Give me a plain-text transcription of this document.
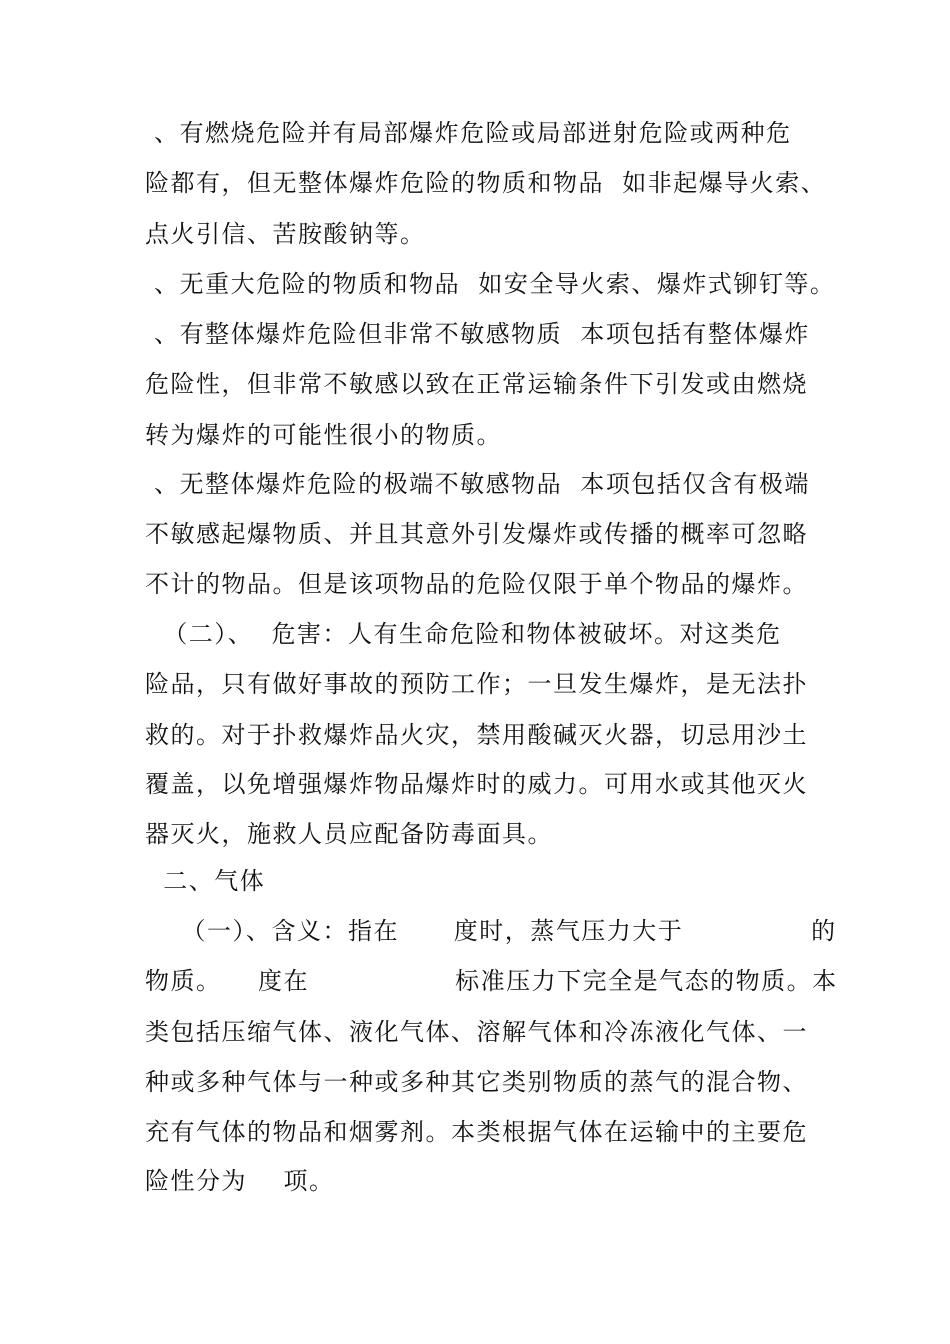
、有燃烧危险并有局部爆炸危险或局部迸射危险或两种危
险都有，但无整体爆炸危险的物质和物品  如非起爆导火索、
点火引信、苦胺酸钠等。
、无重大危险的物质和物品  如安全导火索、爆炸式铆钉等。
、有整体爆炸危险但非常不敏感物质  本项包括有整体爆炸
危险性，但非常不敏感以致在正常运输条件下引发或由燃烧
转为爆炸的可能性很小的物质。
、无整体爆炸危险的极端不敏感物品  本项包括仅含有极端
不敏感起爆物质、并且其意外引发爆炸或传播的概率可忽略
不计的物品。但是该项物品的危险仅限于单个物品的爆炸。
（二）、  危害：人有生命危险和物体被破坏。对这类危
险品，只有做好事故的预防工作；一旦发生爆炸，是无法扑
救的。对于扑救爆炸品火灾，禁用酸碱灭火器，切忌用沙土
覆盖，以免增强爆炸物品爆炸时的威力。可用水或其他灭火
器灭火，施救人员应配备防毒面具。
二、气体
（一）、含义：指在      度时，蒸气压力大于              的
物质。    度在                标准压力下完全是气态的物质。本
类包括压缩气体、液化气体、溶解气体和冷冻液化气体、一
种或多种气体与一种或多种其它类别物质的蒸气的混合物、
充有气体的物品和烟雾剂。本类根据气体在运输中的主要危
险性分为    项。
